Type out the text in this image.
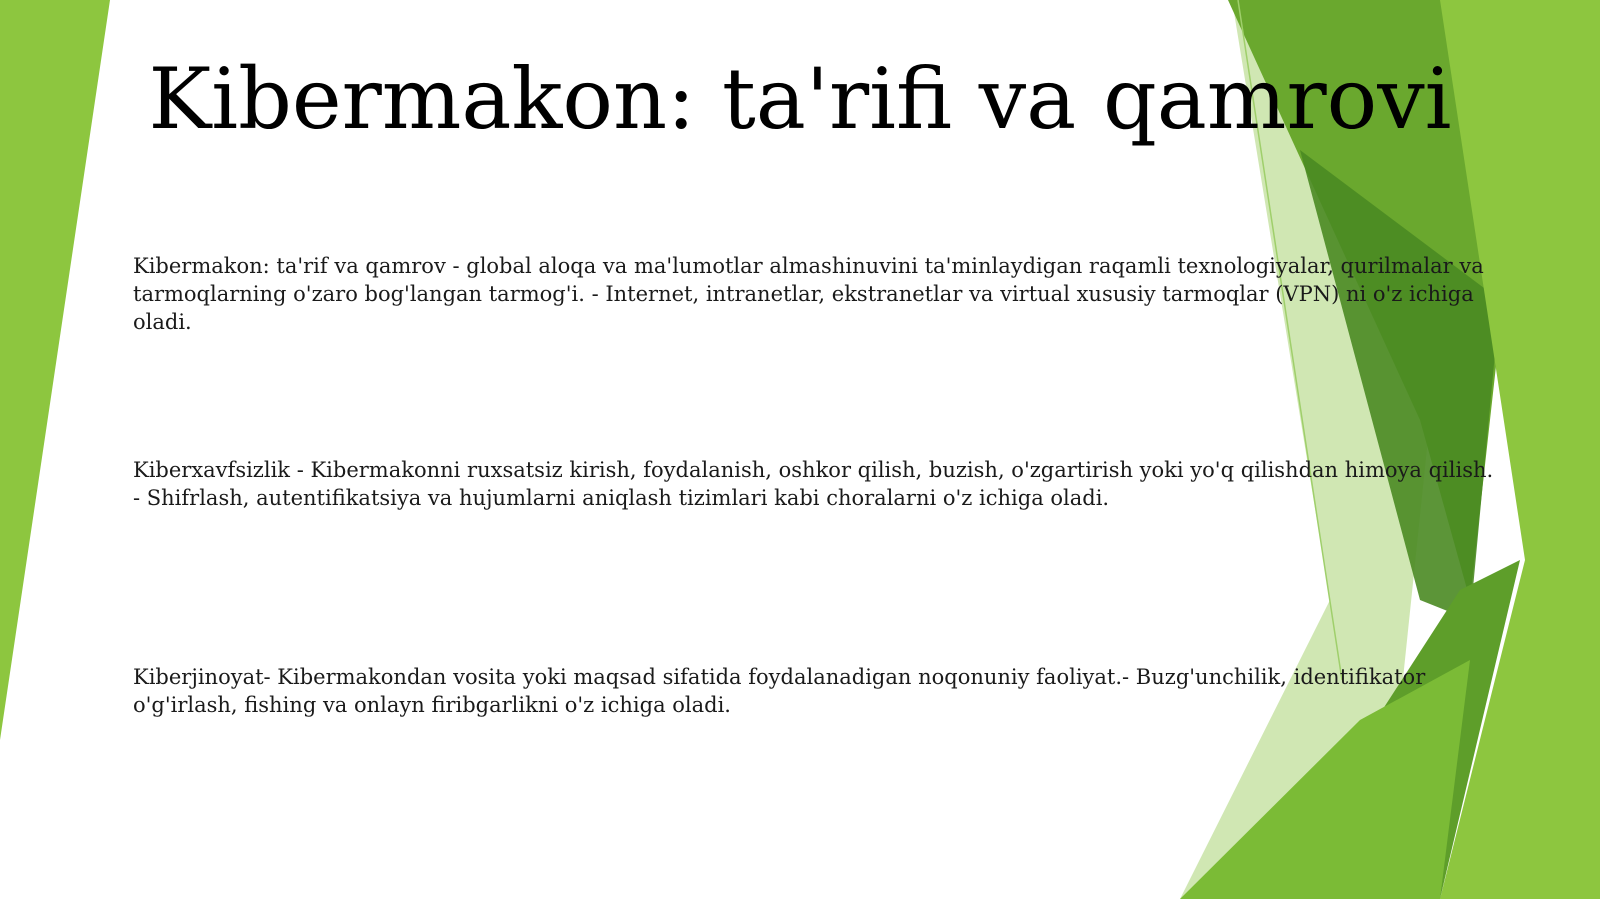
Kibermakon: ta'rifi va qamrovi

Kibermakon: ta'rif va qamrov - global aloqa va ma'lumotlar almashinuvini ta'minlaydigan raqamli texnologiyalar, qurilmalar va tarmoqlarning o'zaro bog'langan tarmog'i. - Internet, intranetlar, ekstranetlar va virtual xususiy tarmoqlar (VPN) ni o'z ichiga oladi.

Kiberxavfsizlik - Kibermakonni ruxsatsiz kirish, foydalanish, oshkor qilish, buzish, o'zgartirish yoki yo'q qilishdan himoya qilish. - Shifrlash, autentifikatsiya va hujumlarni aniqlash tizimlari kabi choralarni o'z ichiga oladi.

Kiberjinoyat- Kibermakondan vosita yoki maqsad sifatida foydalanadigan noqonuniy faoliyat.- Buzg'unchilik, identifikator o'g'irlash, fishing va onlayn firibgarlikni o'z ichiga oladi.
